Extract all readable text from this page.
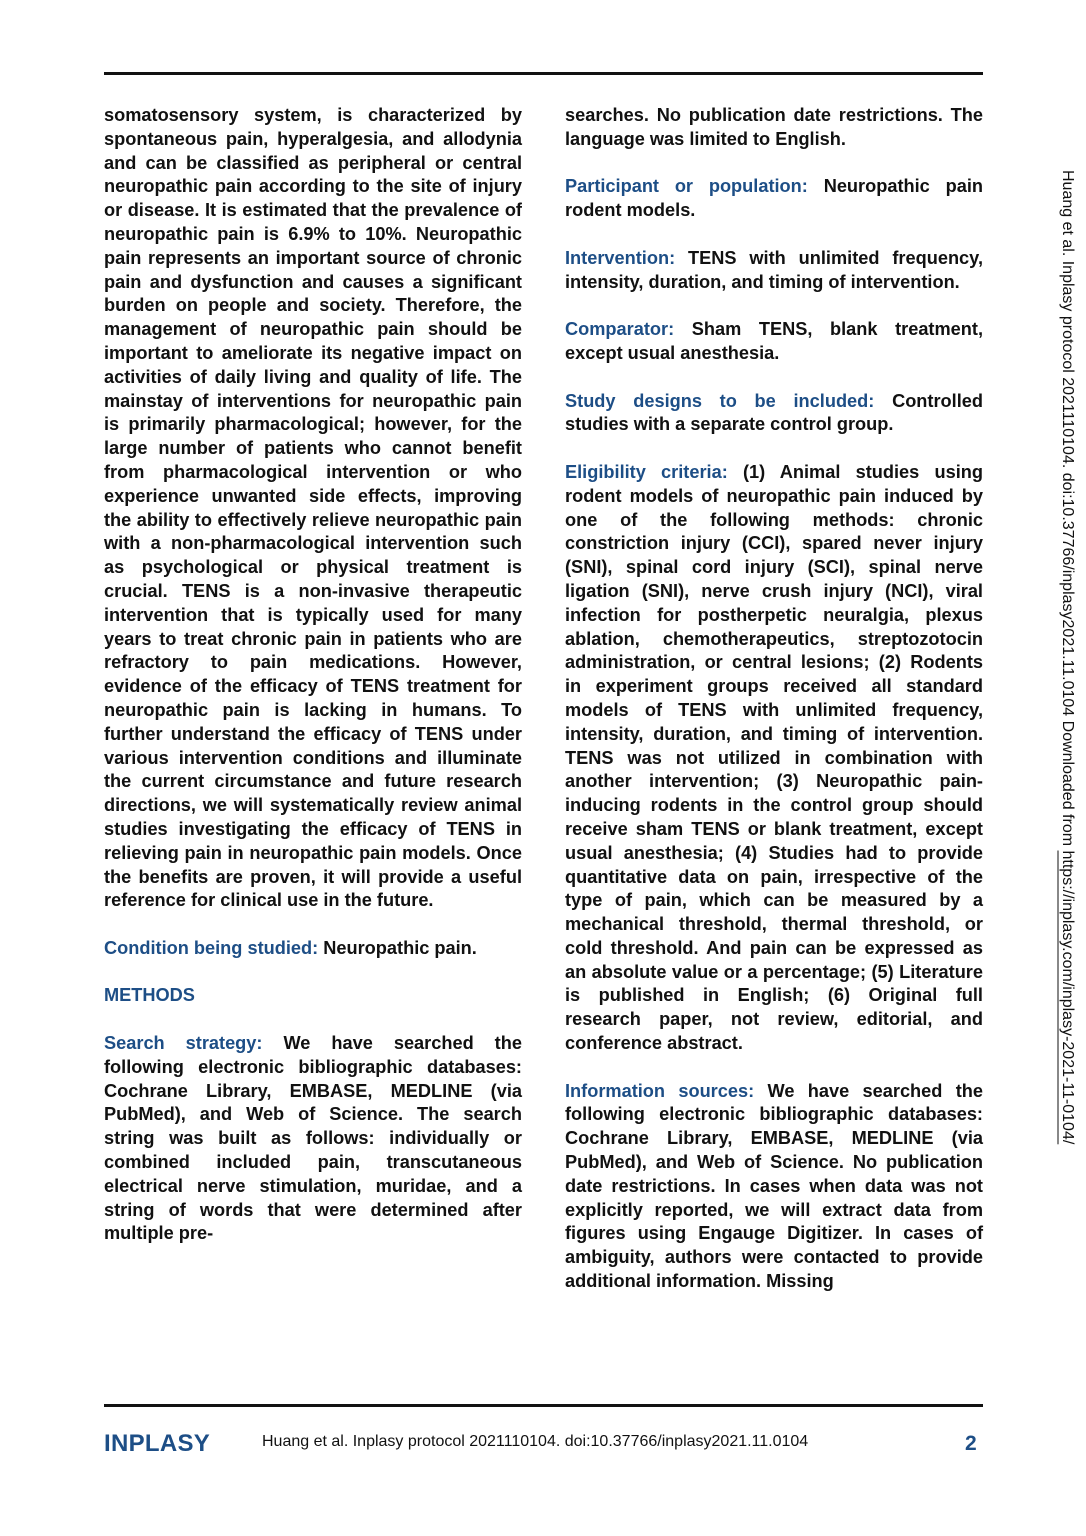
somatosensory system, is characterized by spontaneous pain, hyperalgesia, and allodynia and can be classified as peripheral or central neuropathic pain according to the site of injury or disease. It is estimated that the prevalence of neuropathic pain is 6.9% to 10%. Neuropathic pain represents an important source of chronic pain and dysfunction and causes a significant burden on people and society. Therefore, the management of neuropathic pain should be important to ameliorate its negative impact on activities of daily living and quality of life. The mainstay of interventions for neuropathic pain is primarily pharmacological; however, for the large number of patients who cannot benefit from pharmacological intervention or who experience unwanted side effects, improving the ability to effectively relieve neuropathic pain with a non-pharmacological intervention such as psychological or physical treatment is crucial. TENS is a non-invasive therapeutic intervention that is typically used for many years to treat chronic pain in patients who are refractory to pain medications. However, evidence of the efficacy of TENS treatment for neuropathic pain is lacking in humans. To further understand the efficacy of TENS under various intervention conditions and illuminate the current circumstance and future research directions, we will systematically review animal studies investigating the efficacy of TENS in relieving pain in neuropathic pain models. Once the benefits are proven, it will provide a useful reference for clinical use in the future.

Condition being studied: Neuropathic pain.

METHODS

Search strategy: We have searched the following electronic bibliographic databases: Cochrane Library, EMBASE, MEDLINE (via PubMed), and Web of Science. The search string was built as follows: individually or combined included pain, transcutaneous electrical nerve stimulation, muridae, and a string of words that were determined after multiple pre-

searches. No publication date restrictions. The language was limited to English.

Participant or population: Neuropathic pain rodent models.

Intervention: TENS with unlimited frequency, intensity, duration, and timing of intervention.

Comparator: Sham TENS, blank treatment, except usual anesthesia.

Study designs to be included: Controlled studies with a separate control group.

Eligibility criteria: (1) Animal studies using rodent models of neuropathic pain induced by one of the following methods: chronic constriction injury (CCI), spared never injury (SNI), spinal cord injury (SCI), spinal nerve ligation (SNI), nerve crush injury (NCI), viral infection for postherpetic neuralgia, plexus ablation, chemotherapeutics, streptozotocin administration, or central lesions; (2) Rodents in experiment groups received all standard models of TENS with unlimited frequency, intensity, duration, and timing of intervention. TENS was not utilized in combination with another intervention; (3) Neuropathic pain-inducing rodents in the control group should receive sham TENS or blank treatment, except usual anesthesia; (4) Studies had to provide quantitative data on pain, irrespective of the type of pain, which can be measured by a mechanical threshold, thermal threshold, or cold threshold. And pain can be expressed as an absolute value or a percentage; (5) Literature is published in English; (6) Original full research paper, not review, editorial, and conference abstract.

Information sources: We have searched the following electronic bibliographic databases: Cochrane Library, EMBASE, MEDLINE (via PubMed), and Web of Science. No publication date restrictions. In cases when data was not explicitly reported, we will extract data from figures using Engauge Digitizer. In cases of ambiguity, authors were contacted to provide additional information. Missing

Huang et al. Inplasy protocol 2021110104. doi:10.37766/inplasy2021.11.0104 Downloaded from https://inplasy.com/inplasy-2021-11-0104/
INPLASY	Huang et al. Inplasy protocol 2021110104. doi:10.37766/inplasy2021.11.0104	2
